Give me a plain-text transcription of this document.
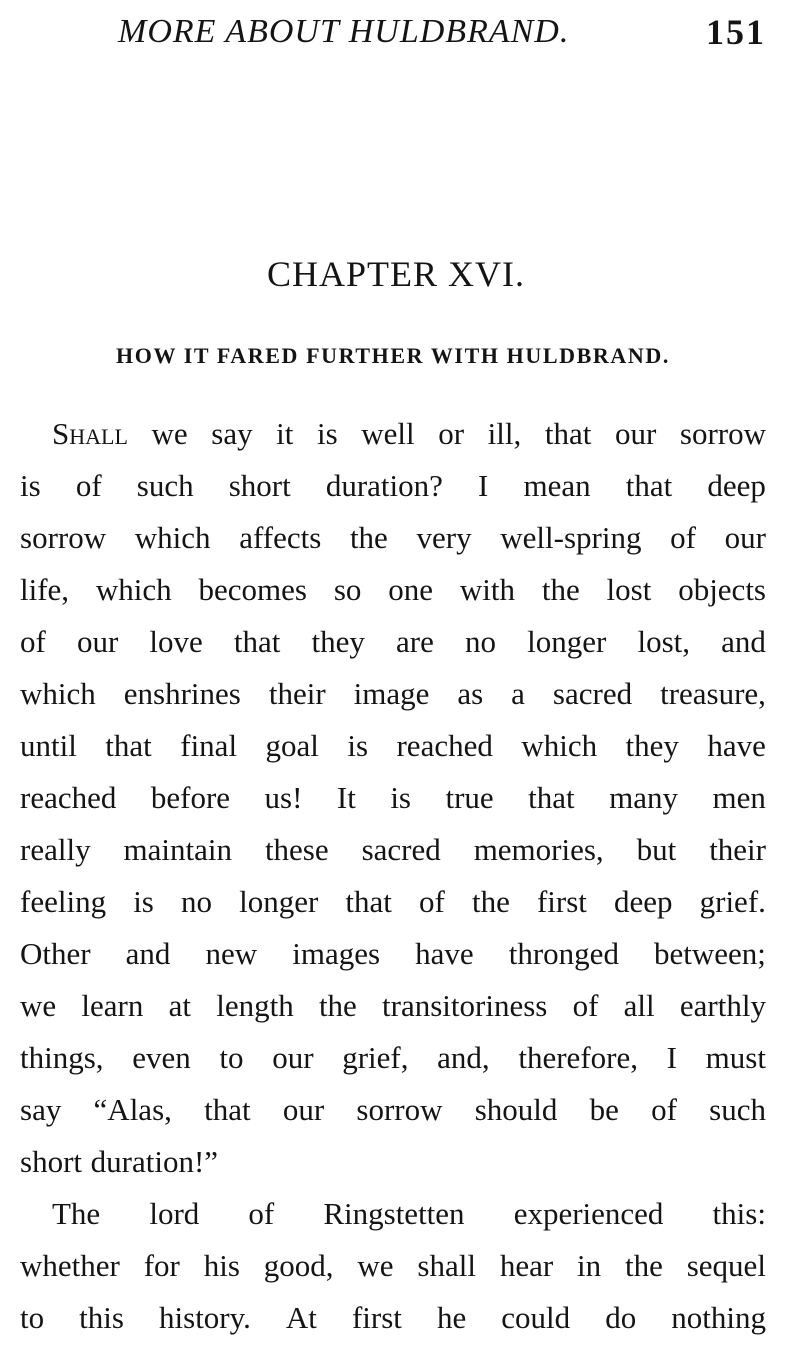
MORE ABOUT HULDBRAND.	151
CHAPTER XVI.
HOW IT FARED FURTHER WITH HULDBRAND.
Shall we say it is well or ill, that our sorrow
is of such short duration? I mean that deep
sorrow which affects the very well-spring of our
life, which becomes so one with the lost objects
of our love that they are no longer lost, and
which enshrines their image as a sacred treasure,
until that final goal is reached which they have
reached before us! It is true that many men
really maintain these sacred memories, but their
feeling is no longer that of the first deep grief.
Other and new images have thronged between;
we learn at length the transitoriness of all earthly
things, even to our grief, and, therefore, I must
say “Alas, that our sorrow should be of such
short duration!”
The lord of Ringstetten experienced this:
whether for his good, we shall hear in the sequel
to this history. At first he could do nothing
